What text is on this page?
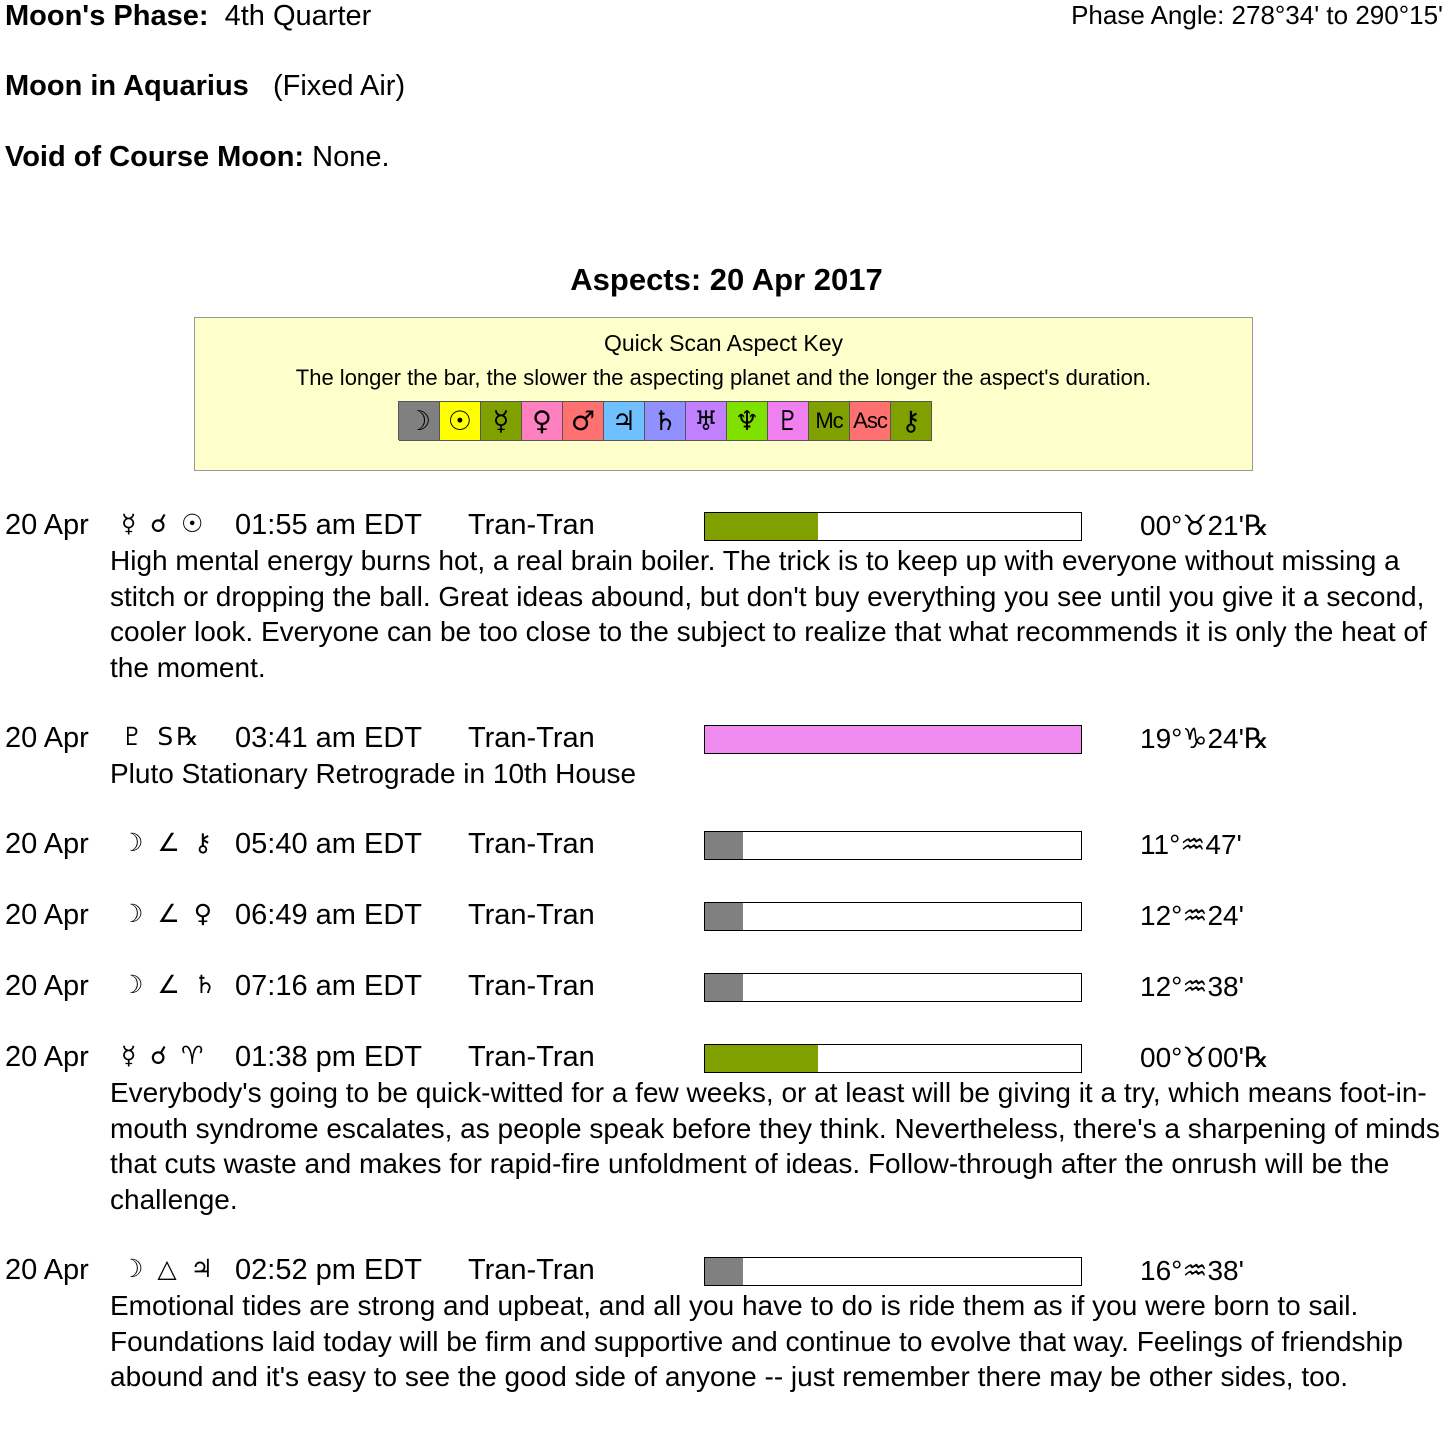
Moon's Phase: 4th Quarter	Phase Angle: 278°34' to 290°15'
Moon in Aquarius (Fixed Air)
Void of Course Moon: None.
Aspects: 20 Apr 2017
Quick Scan Aspect Key
The longer the bar, the slower the aspecting planet and the longer the aspect's duration.
☽ ☉ ☿ ♀ ♂ ♃ ♄ ♅ ♆ ♇ Mc Asc ⚷
20 Apr ☿ ☌ ☉ 01:55 am EDT Tran-Tran	00°♉21'℞
High mental energy burns hot, a real brain boiler. The trick is to keep up with everyone without missing a stitch or dropping the ball. Great ideas abound, but don't buy everything you see until you give it a second, cooler look. Everyone can be too close to the subject to realize that what recommends it is only the heat of the moment.
20 Apr ♇ S℞ 03:41 am EDT Tran-Tran	19°♑24'℞
Pluto Stationary Retrograde in 10th House
20 Apr ☽ ∠ ⚷ 05:40 am EDT Tran-Tran	11°♒47'
20 Apr ☽ ∠ ♀ 06:49 am EDT Tran-Tran	12°♒24'
20 Apr ☽ ∠ ♄ 07:16 am EDT Tran-Tran	12°♒38'
20 Apr ☿ ☌ ♈ 01:38 pm EDT Tran-Tran	00°♉00'℞
Everybody's going to be quick-witted for a few weeks, or at least will be giving it a try, which means foot-in-mouth syndrome escalates, as people speak before they think. Nevertheless, there's a sharpening of minds that cuts waste and makes for rapid-fire unfoldment of ideas. Follow-through after the onrush will be the challenge.
20 Apr ☽ △ ♃ 02:52 pm EDT Tran-Tran	16°♒38'
Emotional tides are strong and upbeat, and all you have to do is ride them as if you were born to sail. Foundations laid today will be firm and supportive and continue to evolve that way. Feelings of friendship abound and it's easy to see the good side of anyone -- just remember there may be other sides, too.
